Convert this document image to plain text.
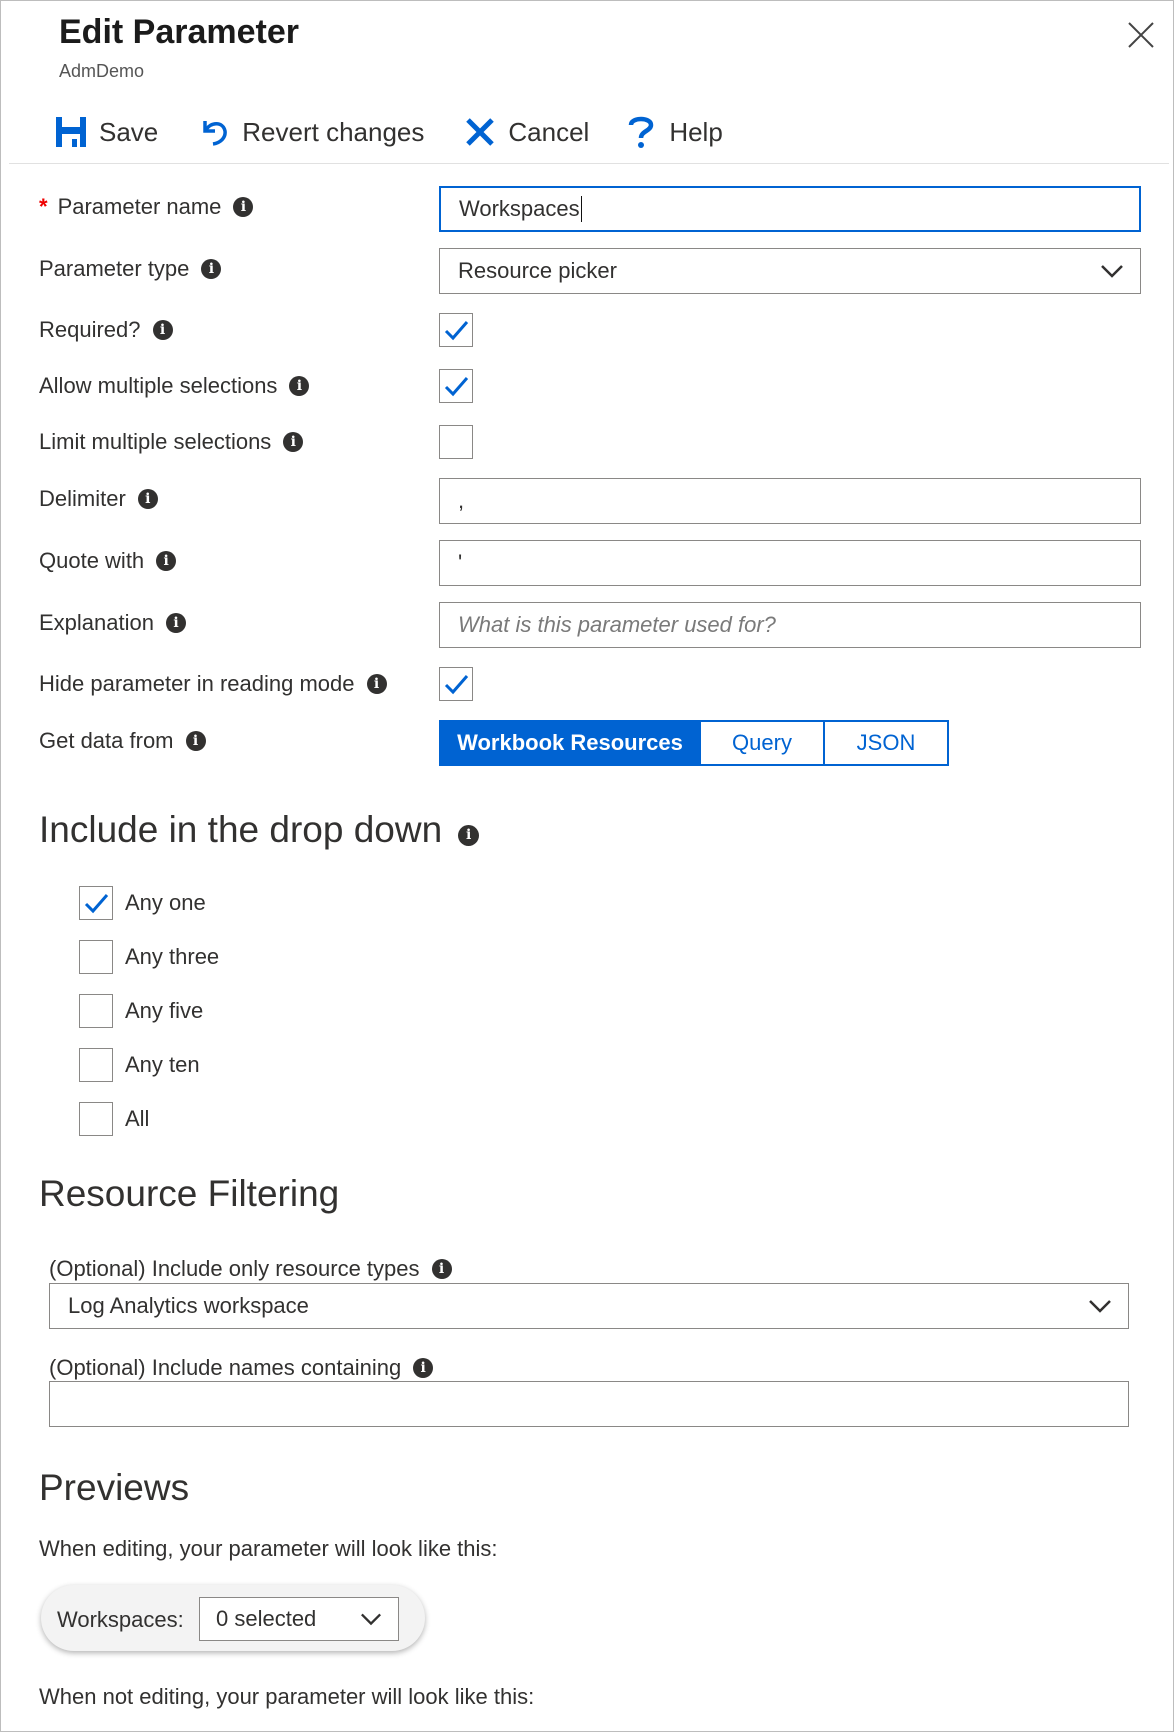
Edit Parameter
AdmDemo
Save	Revert changes	Cancel	Help
* Parameter name	i	Workspaces
Parameter type	i	Resource picker
Required?	i
Allow multiple selections	i
Limit multiple selections	i
Delimiter	i	,
Quote with	i	'
Explanation	i	What is this parameter used for?
Hide parameter in reading mode	i
Get data from	i	Workbook Resources	Query	JSON
Include in the drop down	i
Any one
Any three
Any five
Any ten
All
Resource Filtering
(Optional) Include only resource types	i
Log Analytics workspace
(Optional) Include names containing	i
Previews
When editing, your parameter will look like this:
Workspaces: 0 selected
When not editing, your parameter will look like this:
